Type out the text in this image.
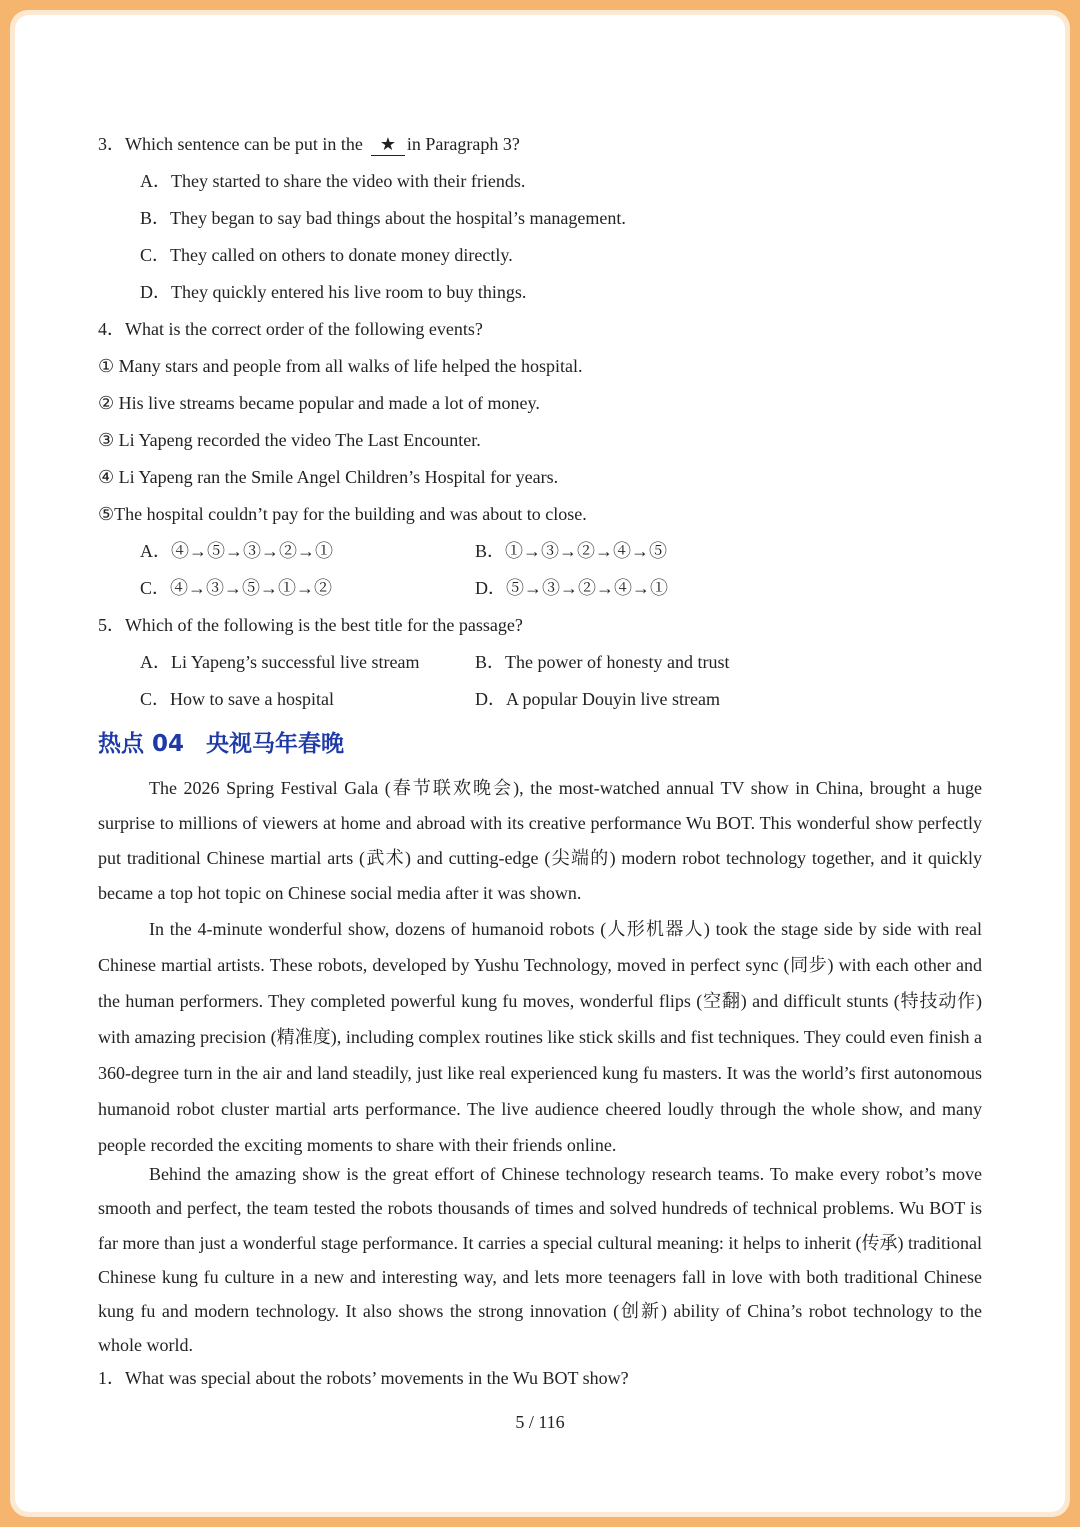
3．Which sentence can be put in the ★ in Paragraph 3?
A．They started to share the video with their friends.
B．They began to say bad things about the hospital’s management.
C．They called on others to donate money directly.
D．They quickly entered his live room to buy things.
4．What is the correct order of the following events?
① Many stars and people from all walks of life helped the hospital.
② His live streams became popular and made a lot of money.
③ Li Yapeng recorded the video The Last Encounter.
④ Li Yapeng ran the Smile Angel Children’s Hospital for years.
⑤The hospital couldn’t pay for the building and was about to close.
A．④→⑤→③→②→①	B．①→③→②→④→⑤
C．④→③→⑤→①→②	D．⑤→③→②→④→①
5．Which of the following is the best title for the passage?
A．Li Yapeng’s successful live stream	B．The power of honesty and trust
C．How to save a hospital	D．A popular Douyin live stream
热点 04 央视马年春晚
The 2026 Spring Festival Gala (春节联欢晚会), the most-watched annual TV show in China, brought a huge surprise to millions of viewers at home and abroad with its creative performance Wu BOT. This wonderful show perfectly put traditional Chinese martial arts (武术) and cutting-edge (尖端的) modern robot technology together, and it quickly became a top hot topic on Chinese social media after it was shown.
In the 4-minute wonderful show, dozens of humanoid robots (人形机器人) took the stage side by side with real Chinese martial artists. These robots, developed by Yushu Technology, moved in perfect sync (同步) with each other and the human performers. They completed powerful kung fu moves, wonderful flips (空翻) and difficult stunts (特技动作) with amazing precision (精准度), including complex routines like stick skills and fist techniques. They could even finish a 360-degree turn in the air and land steadily, just like real experienced kung fu masters. It was the world’s first autonomous humanoid robot cluster martial arts performance. The live audience cheered loudly through the whole show, and many people recorded the exciting moments to share with their friends online.
Behind the amazing show is the great effort of Chinese technology research teams. To make every robot’s move smooth and perfect, the team tested the robots thousands of times and solved hundreds of technical problems. Wu BOT is far more than just a wonderful stage performance. It carries a special cultural meaning: it helps to inherit (传承) traditional Chinese kung fu culture in a new and interesting way, and lets more teenagers fall in love with both traditional Chinese kung fu and modern technology. It also shows the strong innovation (创新) ability of China’s robot technology to the whole world.
1．What was special about the robots’ movements in the Wu BOT show?
5 / 116
